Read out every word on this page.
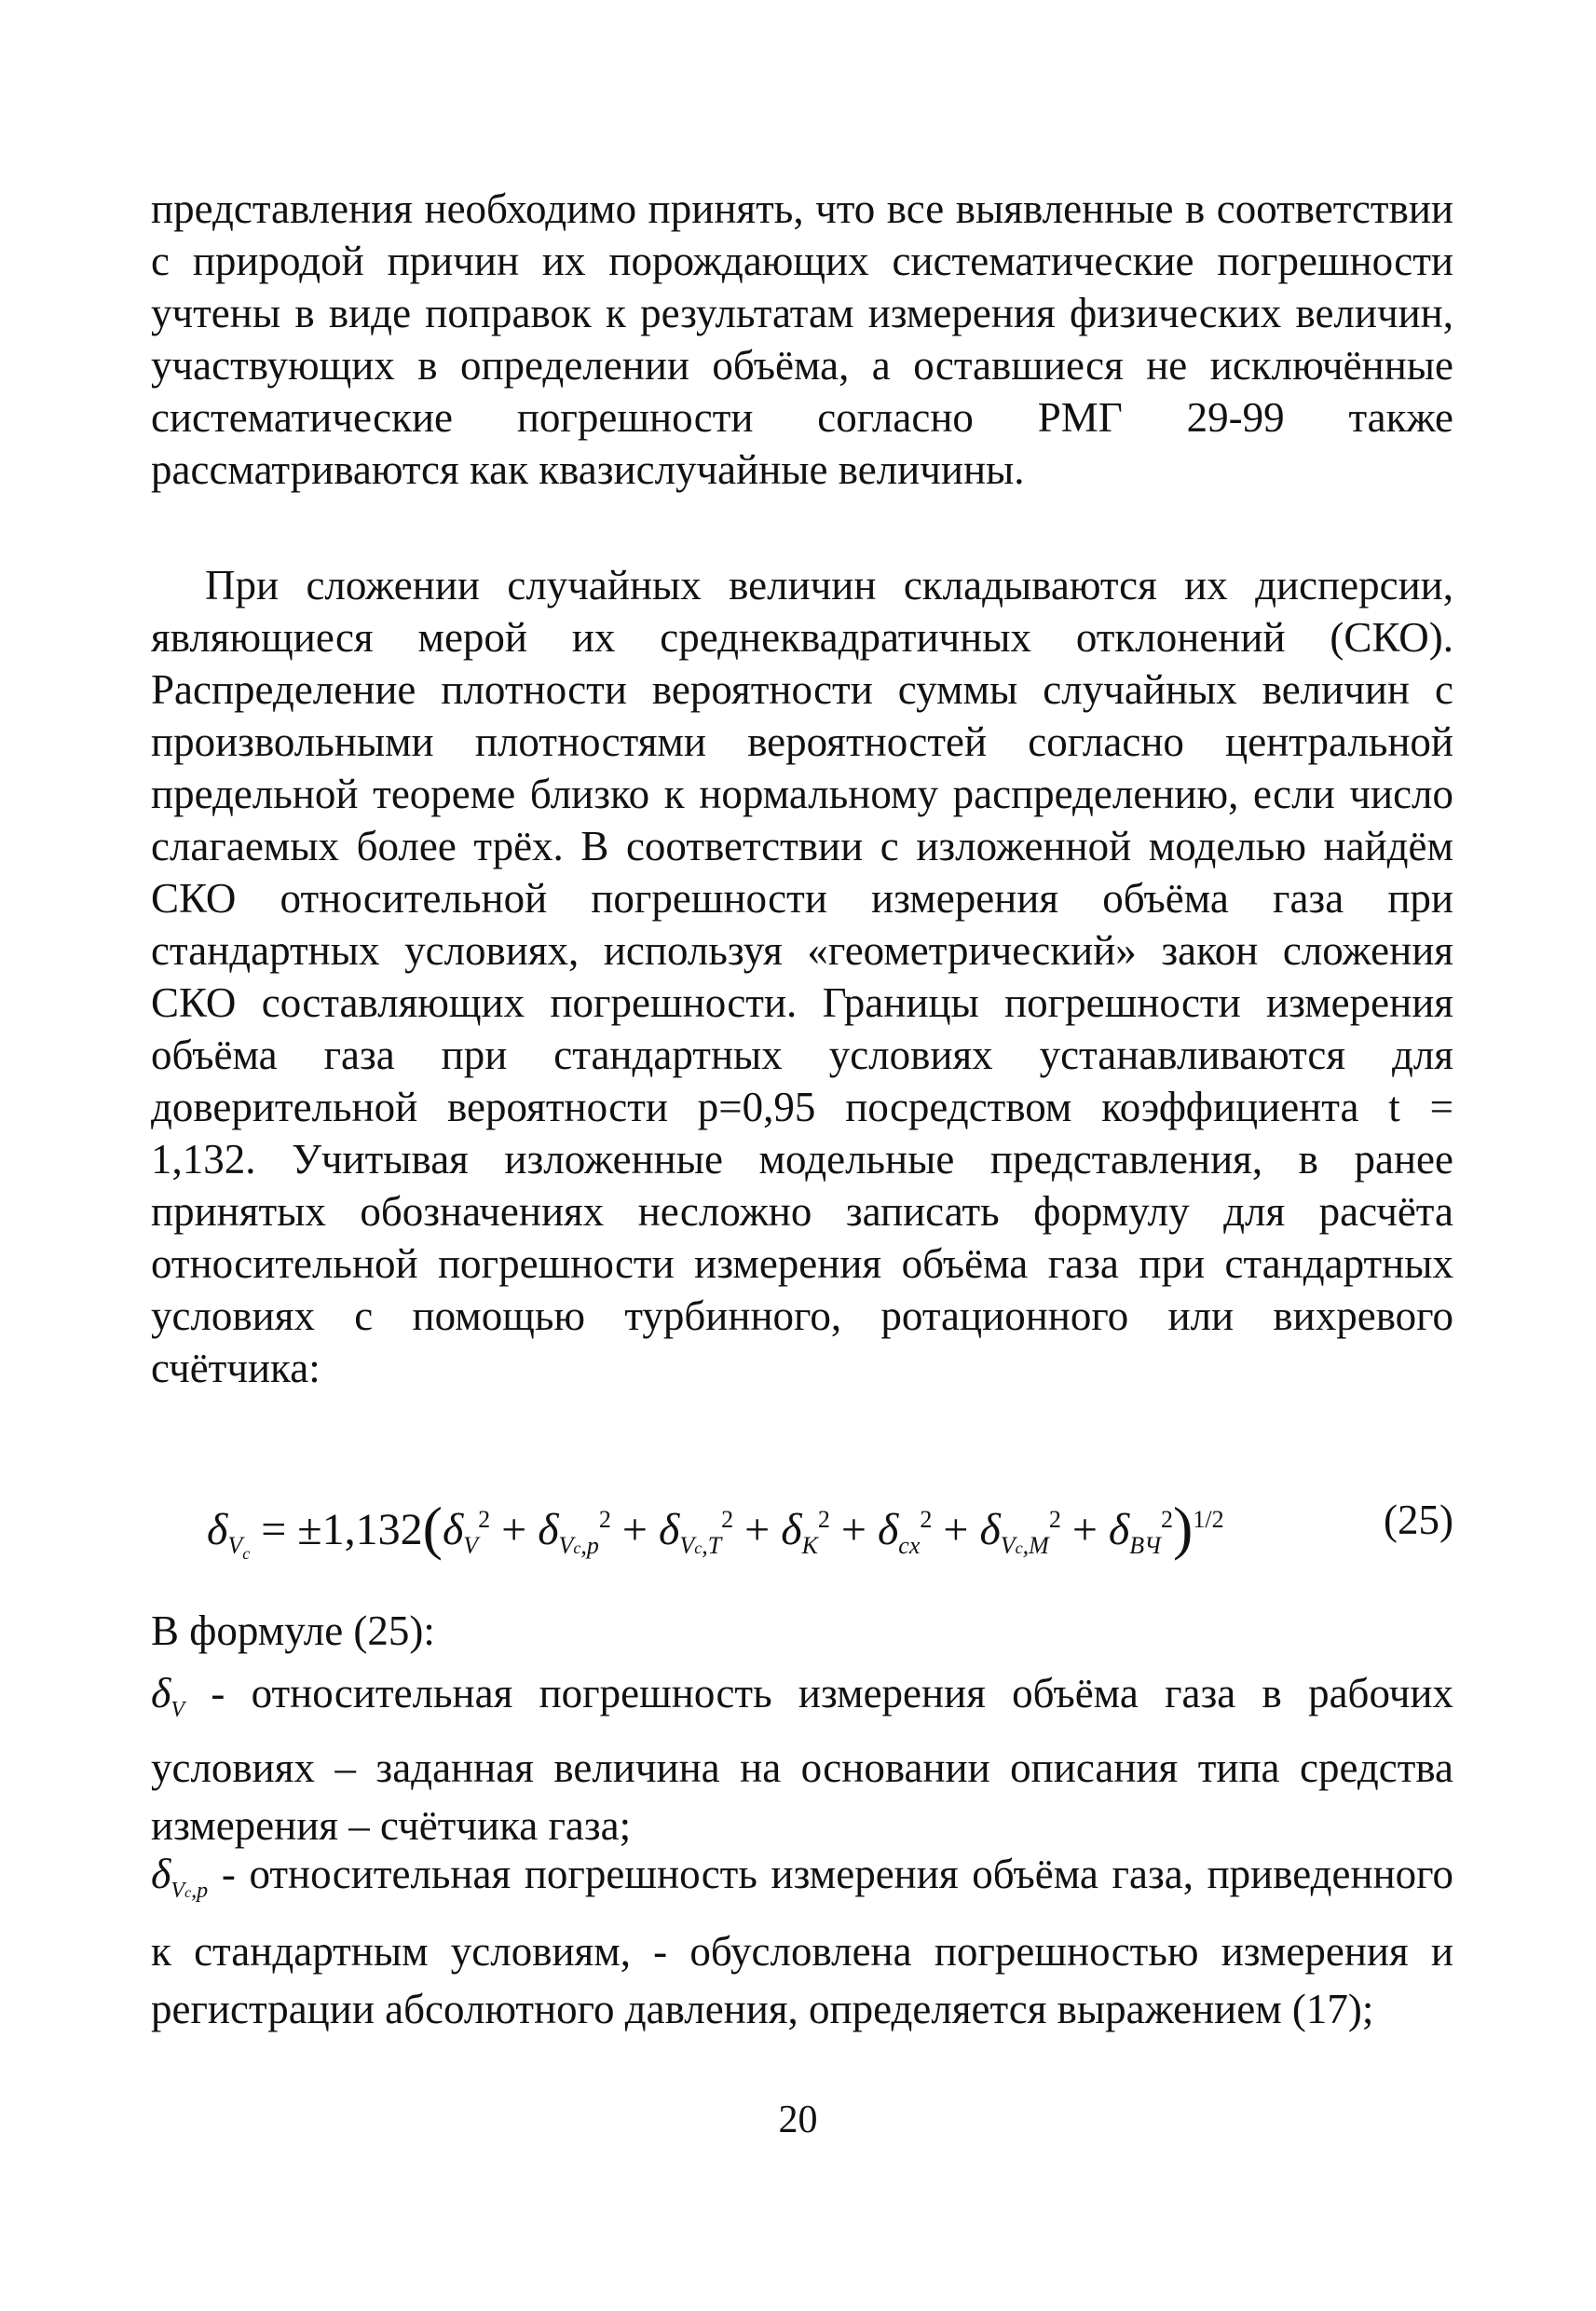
представления необходимо принять, что все выявленные в соответствии с природой причин их порождающих систематические погрешности учтены в виде поправок к результатам измерения физических величин, участвующих в определении объёма, а оставшиеся не исключённые систематические погрешности согласно РМГ 29-99 также рассматриваются как квазислучайные величины.
При сложении случайных величин складываются их дисперсии, являющиеся мерой их среднеквадратичных отклонений (СКО). Распределение плотности вероятности суммы случайных величин с произвольными плотностями вероятностей согласно центральной предельной теореме близко к нормальному распределению, если число слагаемых более трёх. В соответствии с изложенной моделью найдём СКО относительной погрешности измерения объёма газа при стандартных условиях, используя «геометрический» закон сложения СКО составляющих погрешности. Границы погрешности измерения объёма газа при стандартных условиях устанавливаются для доверительной вероятности р=0,95 посредством коэффициента t = 1,132. Учитывая изложенные модельные представления, в ранее принятых обозначениях несложно записать формулу для расчёта относительной погрешности измерения объёма газа при стандартных условиях с помощью турбинного, ротационного или вихревого счётчика:
$\delta_{V_c} = \pm 1,132(\delta_V^2 + \delta_{Vc,p}^2 + \delta_{Vc,T}^2 + \delta_K^2 + \delta_{cx}^2 + \delta_{Vc,M}^2 + \delta_{BЧ}^2)^{1/2}$	(25)
В формуле (25):
$\delta_V$ - относительная погрешность измерения объёма газа в рабочих условиях – заданная величина на основании описания типа средства измерения – счётчика газа;
$\delta_{Vc,p}$ - относительная погрешность измерения объёма газа, приведенного к стандартным условиям, - обусловлена погрешностью измерения и регистрации абсолютного давления, определяется выражением (17);
20
